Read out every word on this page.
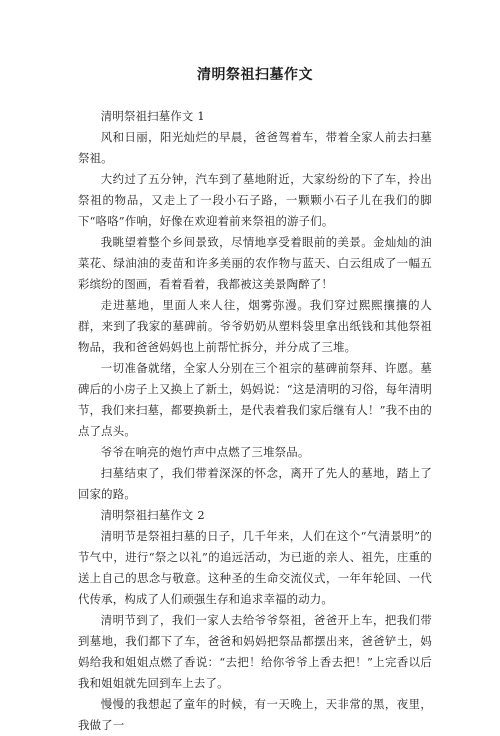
清明祭祖扫墓作文

清明祭祖扫墓作文 1

风和日丽，阳光灿烂的早晨，爸爸驾着车，带着全家人前去扫墓祭祖。

大约过了五分钟，汽车到了墓地附近，大家纷纷的下了车，拎出祭祖的物品，又走上了一段小石子路，一颗颗小石子儿在我们的脚下“咯咯”作响，好像在欢迎着前来祭祖的游子们。

我眺望着整个乡间景致，尽情地享受着眼前的美景。金灿灿的油菜花、绿油油的麦苗和许多美丽的农作物与蓝天、白云组成了一幅五彩缤纷的图画，看着看着，我都被这美景陶醉了！

走进墓地，里面人来人往，烟雾弥漫。我们穿过熙熙攘攘的人群，来到了我家的墓碑前。爷爷奶奶从塑料袋里拿出纸钱和其他祭祖物品，我和爸爸妈妈也上前帮忙拆分，并分成了三堆。

一切准备就绪，全家人分别在三个祖宗的墓碑前祭拜、许愿。墓碑后的小房子上又换上了新土，妈妈说：“这是清明的习俗，每年清明节，我们来扫墓，都要换新土，是代表着我们家后继有人！”我不由的点了点头。

爷爷在响亮的炮竹声中点燃了三堆祭品。

扫墓结束了，我们带着深深的怀念，离开了先人的墓地，踏上了回家的路。

清明祭祖扫墓作文 2

清明节是祭祖扫墓的日子，几千年来，人们在这个“气清景明”的节气中，进行“祭之以礼”的追远活动，为已逝的亲人、祖先，庄重的送上自己的思念与敬意。这种圣的生命交流仪式，一年年轮回、一代代传承，构成了人们顽强生存和追求幸福的动力。

清明节到了，我们一家人去给爷爷祭祖，爸爸开上车，把我们带到墓地，我们都下了车，爸爸和妈妈把祭品都摆出来，爸爸铲土，妈妈给我和姐姐点燃了香说：“去把！给你爷爷上香去把！”上完香以后我和姐姐就先回到车上去了。

慢慢的我想起了童年的时候，有一天晚上，天非常的黑，夜里，我做了一
